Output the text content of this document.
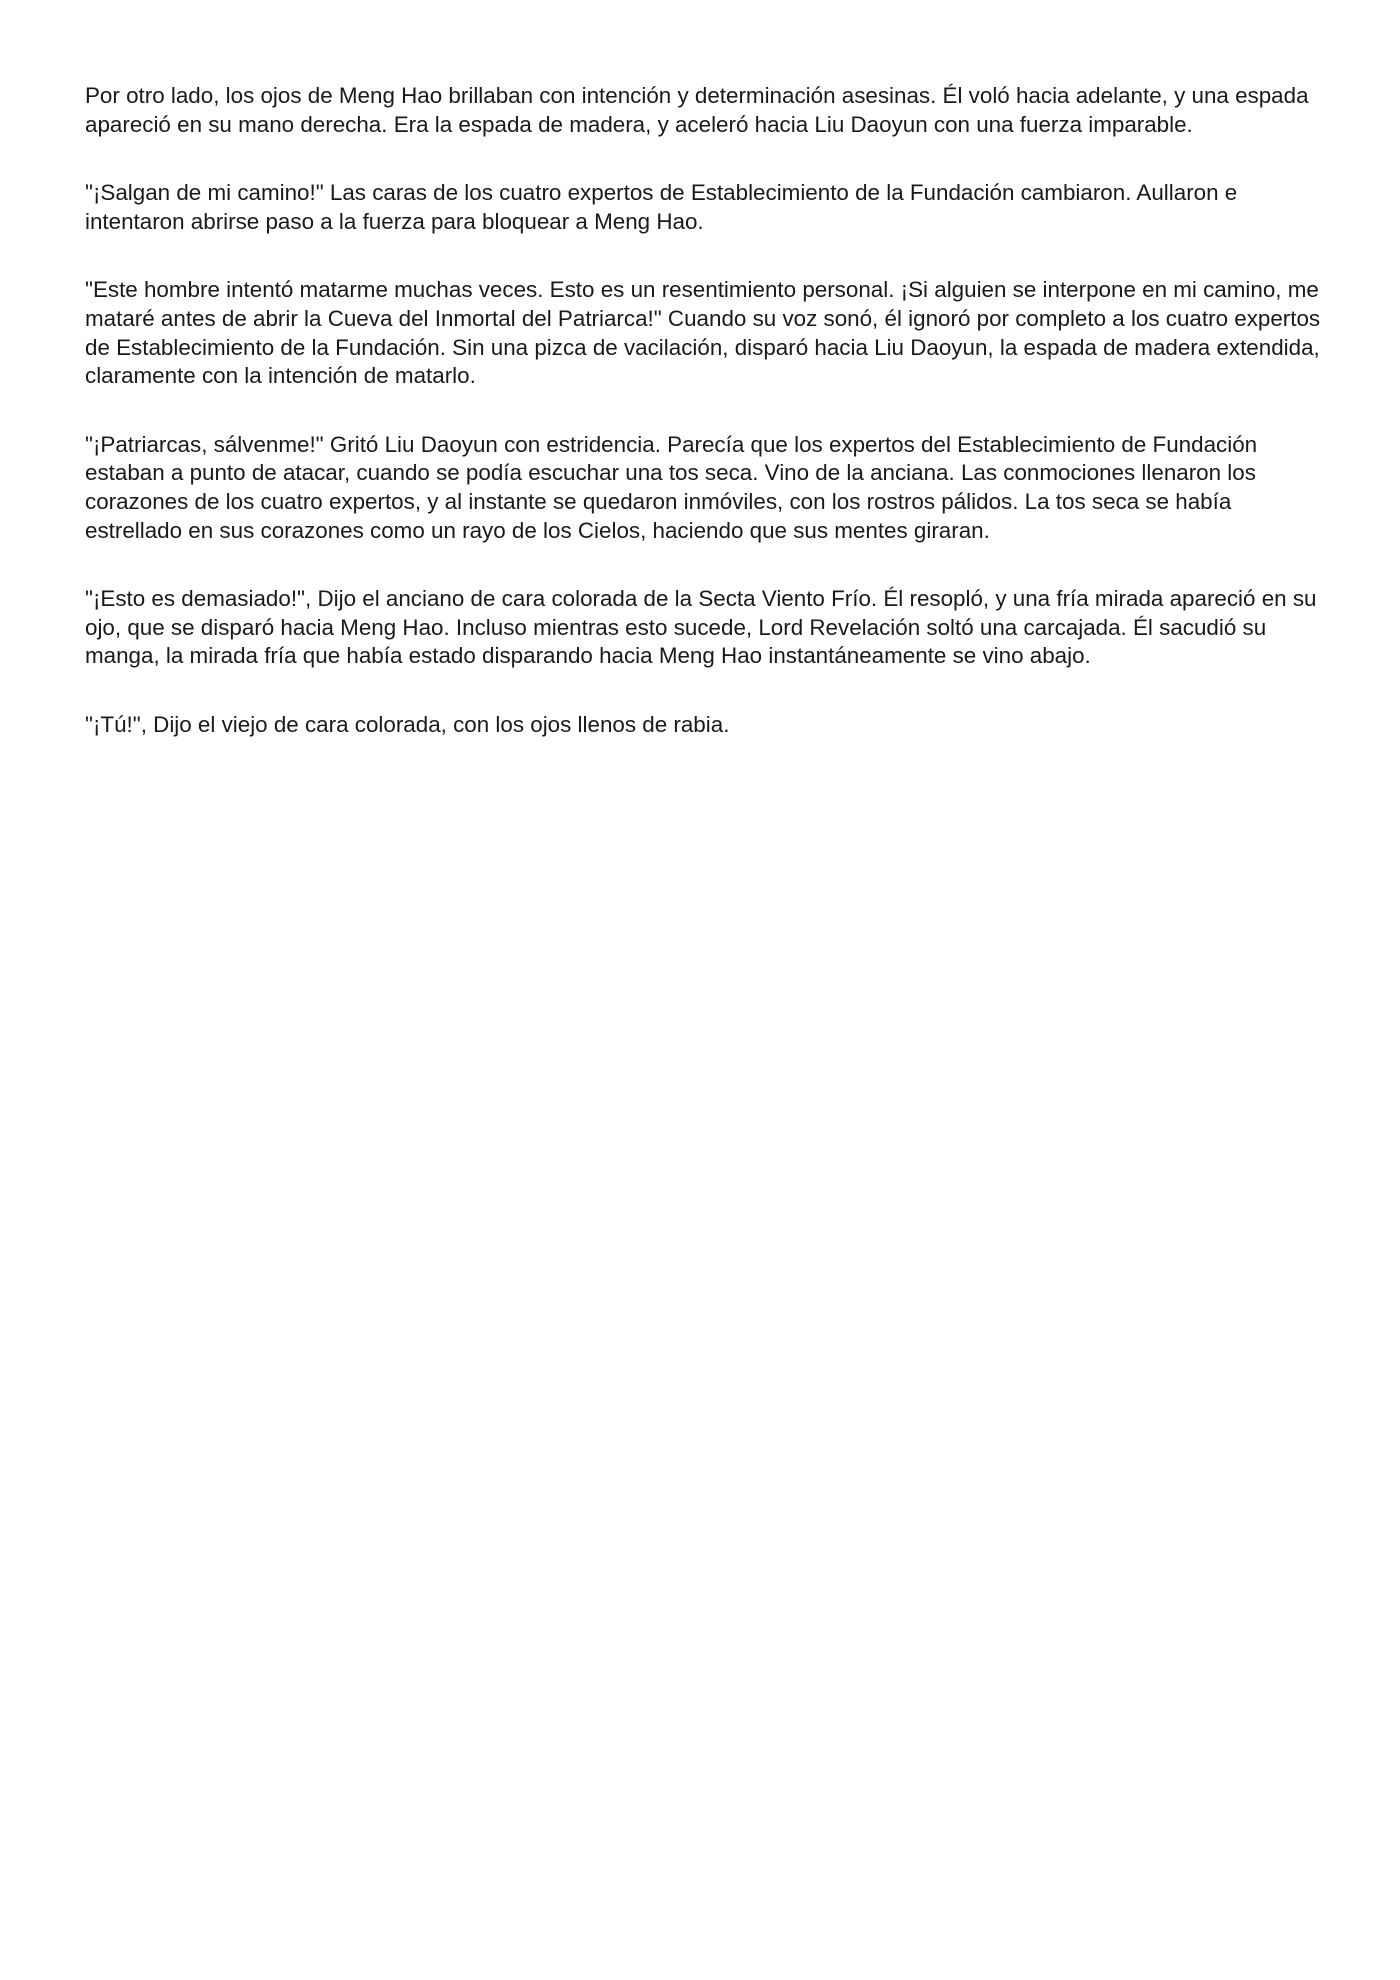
Por otro lado, los ojos de Meng Hao brillaban con intención y determinación asesinas. Él voló hacia adelante, y una espada apareció en su mano derecha. Era la espada de madera, y aceleró hacia Liu Daoyun con una fuerza imparable.

"¡Salgan de mi camino!" Las caras de los cuatro expertos de Establecimiento de la Fundación cambiaron. Aullaron e intentaron abrirse paso a la fuerza para bloquear a Meng Hao.

"Este hombre intentó matarme muchas veces. Esto es un resentimiento personal. ¡Si alguien se interpone en mi camino, me mataré antes de abrir la Cueva del Inmortal del Patriarca!" Cuando su voz sonó, él ignoró por completo a los cuatro expertos de Establecimiento de la Fundación. Sin una pizca de vacilación, disparó hacia Liu Daoyun, la espada de madera extendida, claramente con la intención de matarlo.

"¡Patriarcas, sálvenme!" Gritó Liu Daoyun con estridencia. Parecía que los expertos del Establecimiento de Fundación estaban a punto de atacar, cuando se podía escuchar una tos seca. Vino de la anciana. Las conmociones llenaron los corazones de los cuatro expertos, y al instante se quedaron inmóviles, con los rostros pálidos. La tos seca se había estrellado en sus corazones como un rayo de los Cielos, haciendo que sus mentes giraran.

"¡Esto es demasiado!", Dijo el anciano de cara colorada de la Secta Viento Frío. Él resopló, y una fría mirada apareció en su ojo, que se disparó hacia Meng Hao. Incluso mientras esto sucede, Lord Revelación soltó una carcajada. Él sacudió su manga, la mirada fría que había estado disparando hacia Meng Hao instantáneamente se vino abajo.

"¡Tú!", Dijo el viejo de cara colorada, con los ojos llenos de rabia.
